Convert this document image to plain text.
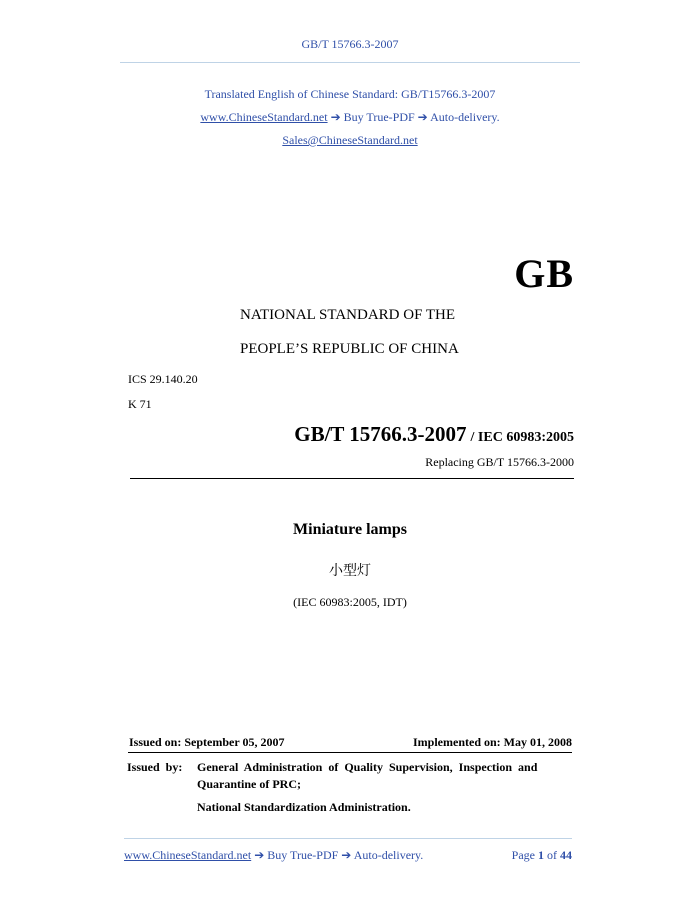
GB/T 15766.3-2007
Translated English of Chinese Standard: GB/T15766.3-2007
www.ChineseStandard.net ➔ Buy True-PDF ➔ Auto-delivery.
Sales@ChineseStandard.net
GB
NATIONAL STANDARD OF THE
PEOPLE’S REPUBLIC OF CHINA
ICS 29.140.20
K 71
GB/T 15766.3-2007 / IEC 60983:2005
Replacing GB/T 15766.3-2000
Miniature lamps
小型灯
(IEC 60983:2005, IDT)
Issued on: September 05, 2007	Implemented on: May 01, 2008
Issued  by: General  Administration  of  Quality  Supervision,  Inspection  and
Quarantine of PRC;
National Standardization Administration.
www.ChineseStandard.net ➔ Buy True-PDF ➔ Auto-delivery.	Page 1 of 44
